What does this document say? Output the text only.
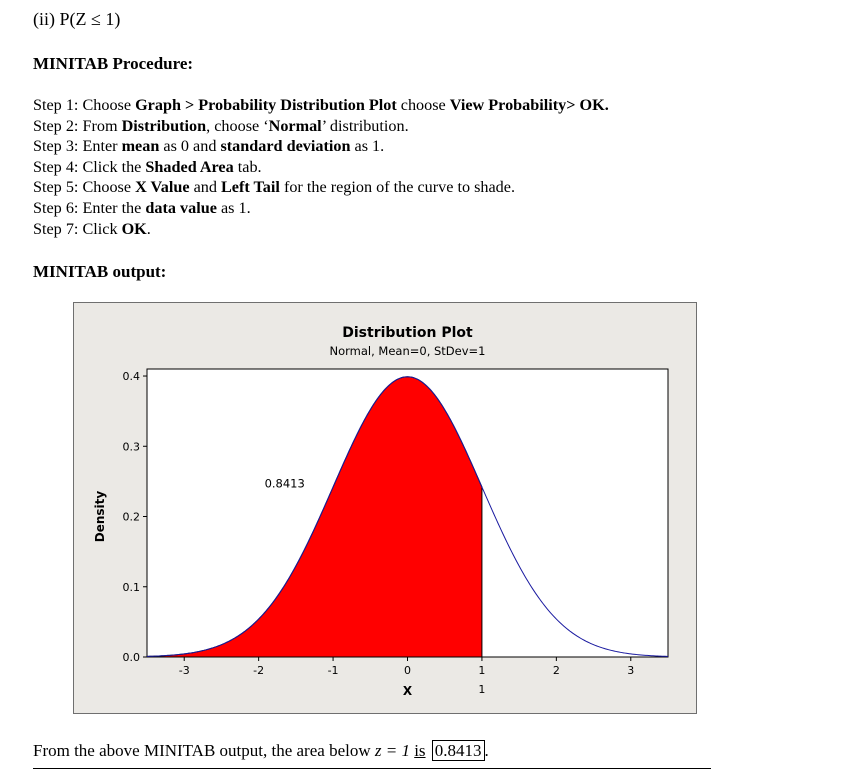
(ii) P(Z ≤ 1)
MINITAB Procedure:
Step 1: Choose Graph > Probability Distribution Plot choose View Probability> OK.
Step 2: From Distribution, choose ‘Normal’ distribution.
Step 3: Enter mean as 0 and standard deviation as 1.
Step 4: Click the Shaded Area tab.
Step 5: Choose X Value and Left Tail for the region of the curve to shade.
Step 6: Enter the data value as 1.
Step 7: Click OK.
MINITAB output:
0.0
0.1
0.2
0.3
0.4
-3	-2	-1	0	1	2	3
1
Distribution Plot
Normal, Mean=0, StDev=1
X
Density
0.8413
From the above MINITAB output, the area below z = 1 is 0.8413 .
